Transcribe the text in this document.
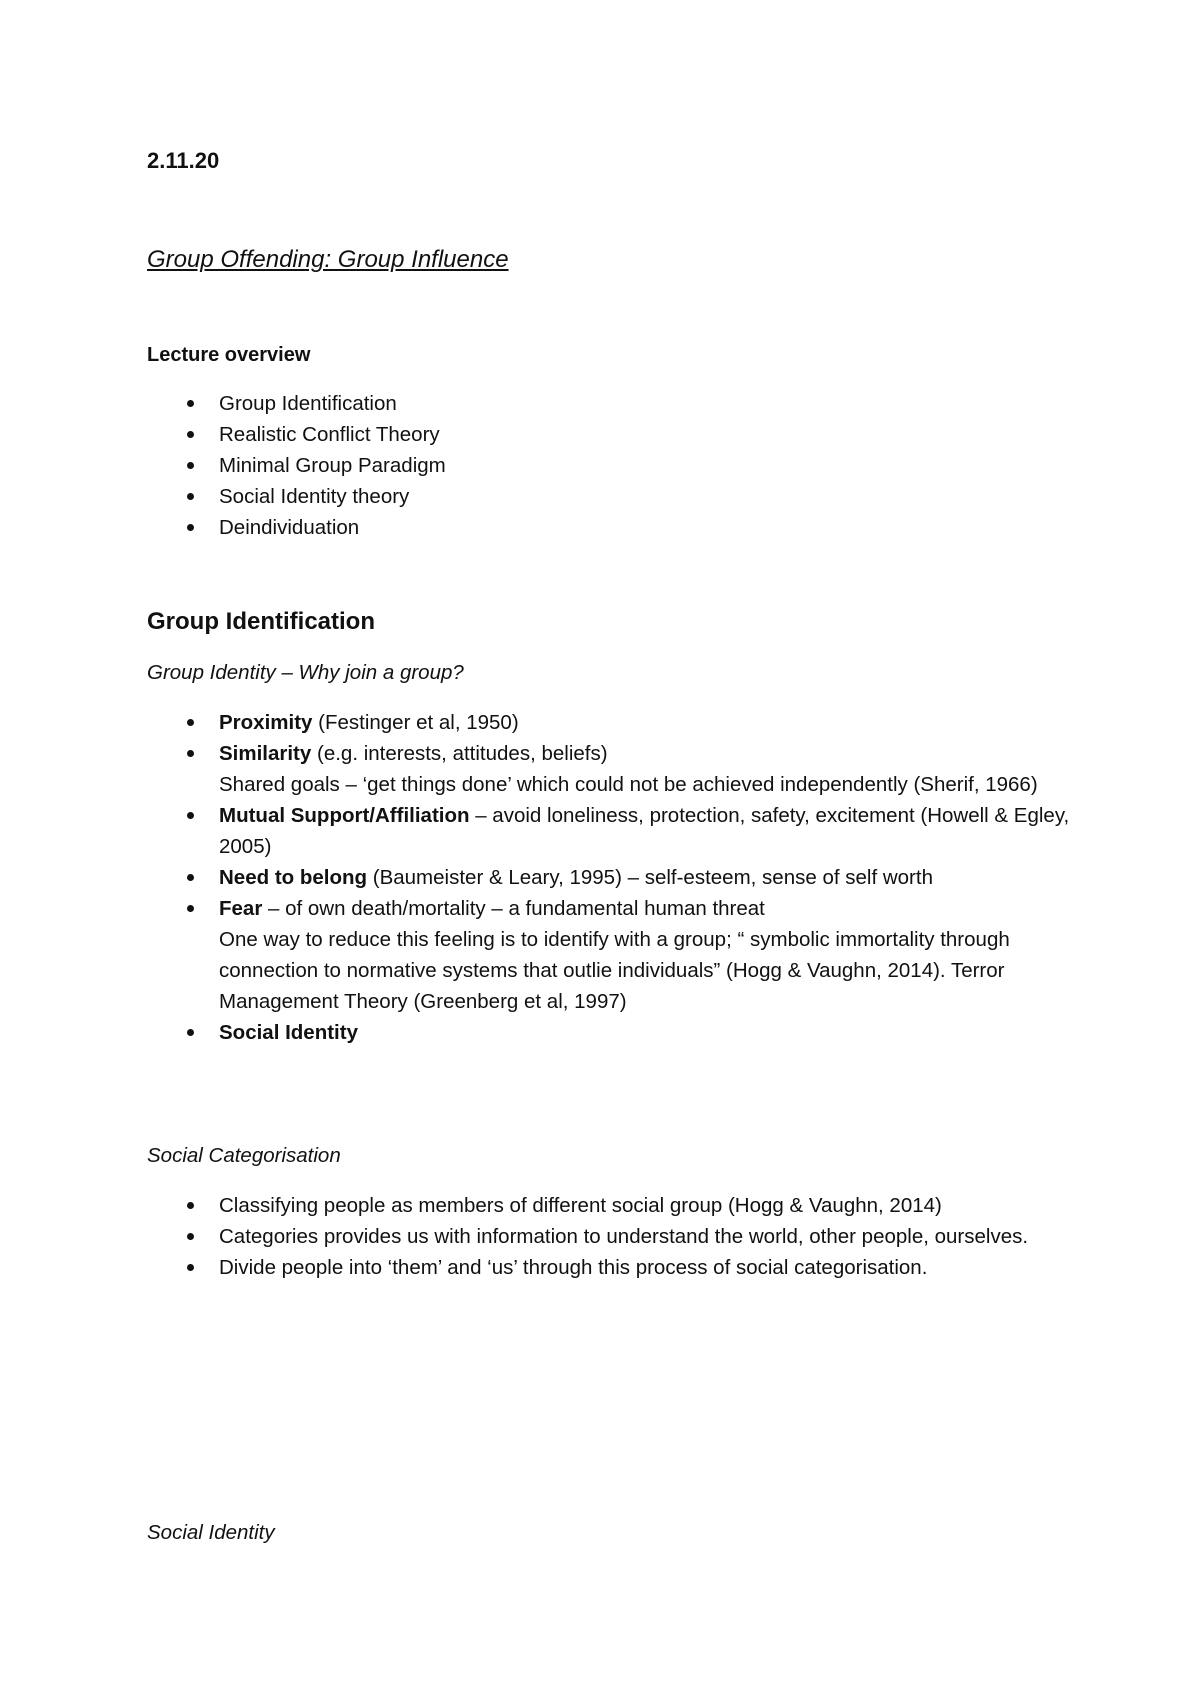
2.11.20
Group Offending: Group Influence
Lecture overview
Group Identification
Realistic Conflict Theory
Minimal Group Paradigm
Social Identity theory
Deindividuation
Group Identification
Group Identity – Why join a group?
Proximity (Festinger et al, 1950)
Similarity (e.g. interests, attitudes, beliefs)
Shared goals – ‘get things done’ which could not be achieved independently (Sherif, 1966)
Mutual Support/Affiliation – avoid loneliness, protection, safety, excitement (Howell & Egley, 2005)
Need to belong (Baumeister & Leary, 1995) – self-esteem, sense of self worth
Fear – of own death/mortality – a fundamental human threat
One way to reduce this feeling is to identify with a group; “ symbolic immortality through connection to normative systems that outlie individuals” (Hogg & Vaughn, 2014). Terror Management Theory (Greenberg et al, 1997)
Social Identity
Social Categorisation
Classifying people as members of different social group (Hogg & Vaughn, 2014)
Categories provides us with information to understand the world, other people, ourselves.
Divide people into ‘them’ and ‘us’ through this process of social categorisation.
Social Identity
